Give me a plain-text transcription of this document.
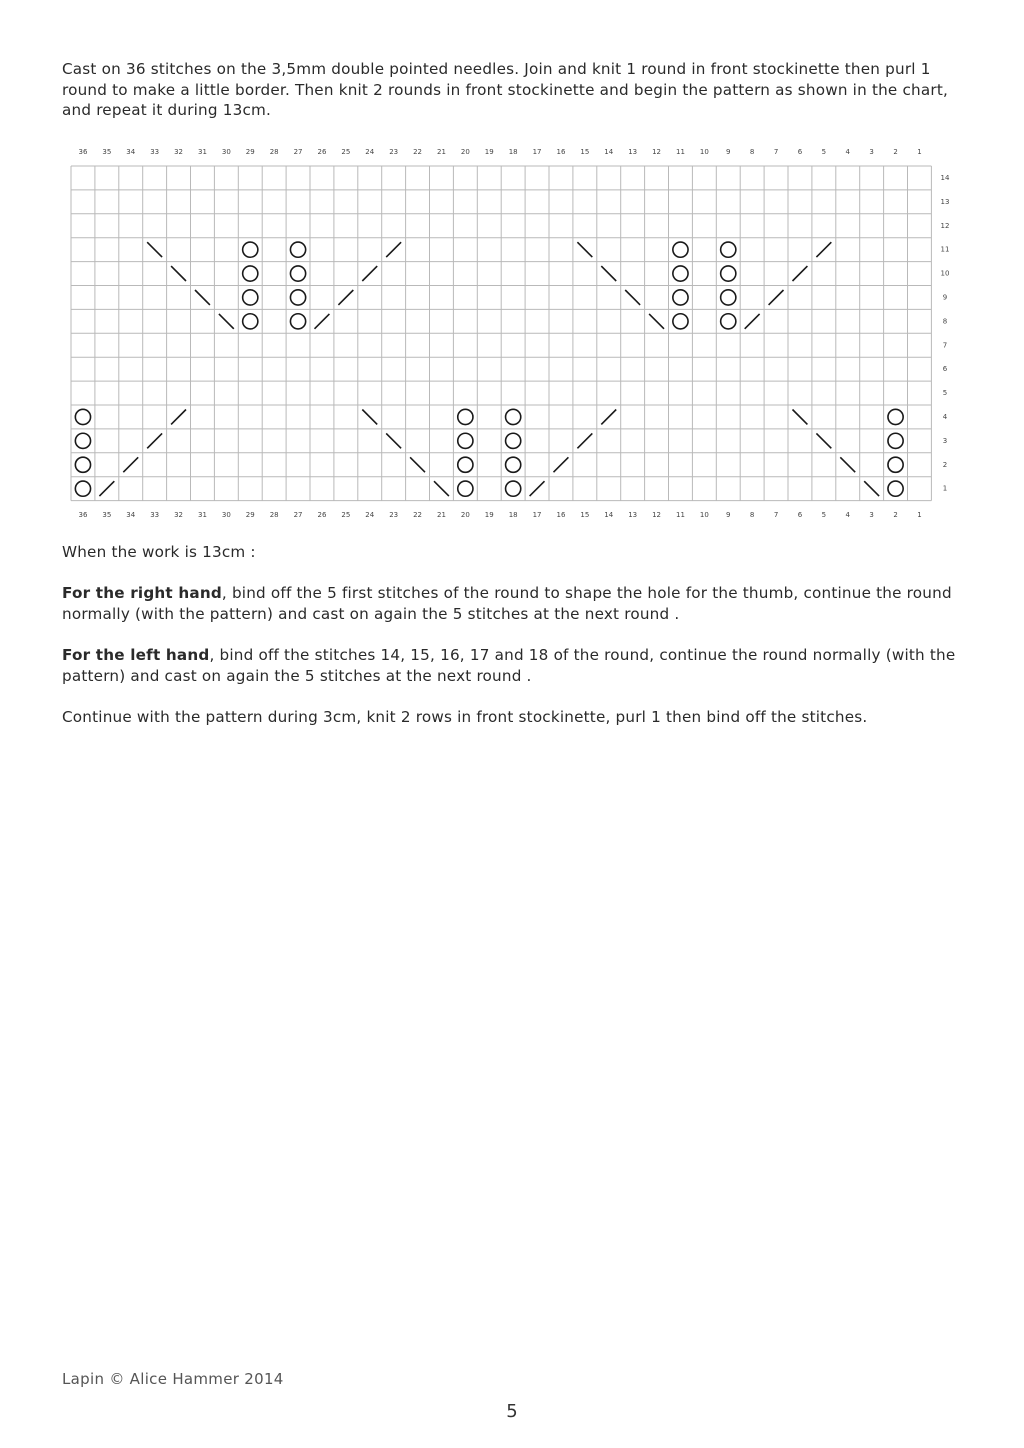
Cast on 36 stitches on the 3,5mm double pointed needles. Join and knit 1 round in front stockinette then purl 1 round to make a little border. Then knit 2 rounds in front stockinette and begin the pattern as shown in the chart, and repeat it during 13cm.

36
36
35
35
34
34
33
33
32
32
31
31
30
30
29
29
28
28
27
27
26
26
25
25
24
24
23
23
22
22
21
21
20
20
19
19
18
18
17
17
16
16
15
15
14
14
13
13
12
12
11
11
10
10
9
9
8
8
7
7
6
6
5
5
4
4
3
3
2
2
1
1
14
13
12
11
10
9
8
7
6
5
4
3
2
1

When the work is 13cm :

For the right hand, bind off the 5 first stitches of the round to shape the hole for the thumb, continue the round normally (with the pattern) and cast on again the 5 stitches at the next round .

For the left hand, bind off the stitches 14, 15, 16, 17 and 18 of the round, continue the round normally (with the pattern) and cast on again the 5 stitches at the next round .

Continue with the pattern during 3cm, knit 2 rows in front stockinette, purl 1 then bind off the stitches.

Lapin © Alice Hammer 2014
5
